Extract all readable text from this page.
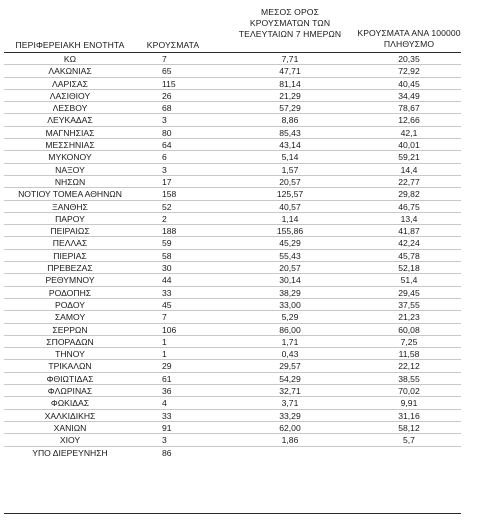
ΠΕΡΙΦΕΡΕΙΑΚΗ ΕΝΟΤΗΤΑ	ΚΡΟΥΣΜΑΤΑ
ΜΕΣΟΣ ΟΡΟΣ
ΚΡΟΥΣΜΑΤΩΝ ΤΩΝ
ΤΕΛΕΥΤΑΙΩΝ 7 ΗΜΕΡΩΝ	ΚΡΟΥΣΜΑΤΑ ΑΝΑ 100000
ΠΛΗΘΥΣΜΟ
ΚΩ	7	7,71	20,35
ΛΑΚΩΝΙΑΣ	65	47,71	72,92
ΛΑΡΙΣΑΣ	115	81,14	40,45
ΛΑΣΙΘΙΟΥ	26	21,29	34,49
ΛΕΣΒΟΥ	68	57,29	78,67
ΛΕΥΚΑΔΑΣ	3	8,86	12,66
ΜΑΓΝΗΣΙΑΣ	80	85,43	42,1
ΜΕΣΣΗΝΙΑΣ	64	43,14	40,01
ΜΥΚΟΝΟΥ	6	5,14	59,21
ΝΑΞΟΥ	3	1,57	14,4
ΝΗΣΩΝ	17	20,57	22,77
ΝΟΤΙΟΥ ΤΟΜΕΑ ΑΘΗΝΩΝ	158	125,57	29,82
ΞΑΝΘΗΣ	52	40,57	46,75
ΠΑΡΟΥ	2	1,14	13,4
ΠΕΙΡΑΙΩΣ	188	155,86	41,87
ΠΕΛΛΑΣ	59	45,29	42,24
ΠΙΕΡΙΑΣ	58	55,43	45,78
ΠΡΕΒΕΖΑΣ	30	20,57	52,18
ΡΕΘΥΜΝΟΥ	44	30,14	51,4
ΡΟΔΟΠΗΣ	33	38,29	29,45
ΡΟΔΟΥ	45	33,00	37,55
ΣΑΜΟΥ	7	5,29	21,23
ΣΕΡΡΩΝ	106	86,00	60,08
ΣΠΟΡΑΔΩΝ	1	1,71	7,25
ΤΗΝΟΥ	1	0,43	11,58
ΤΡΙΚΑΛΩΝ	29	29,57	22,12
ΦΘΙΩΤΙΔΑΣ	61	54,29	38,55
ΦΛΩΡΙΝΑΣ	36	32,71	70,02
ΦΩΚΙΔΑΣ	4	3,71	9,91
ΧΑΛΚΙΔΙΚΗΣ	33	33,29	31,16
ΧΑΝΙΩΝ	91	62,00	58,12
ΧΙΟΥ	3	1,86	5,7
ΥΠΟ ΔΙΕΡΕΥΝΗΣΗ	86
